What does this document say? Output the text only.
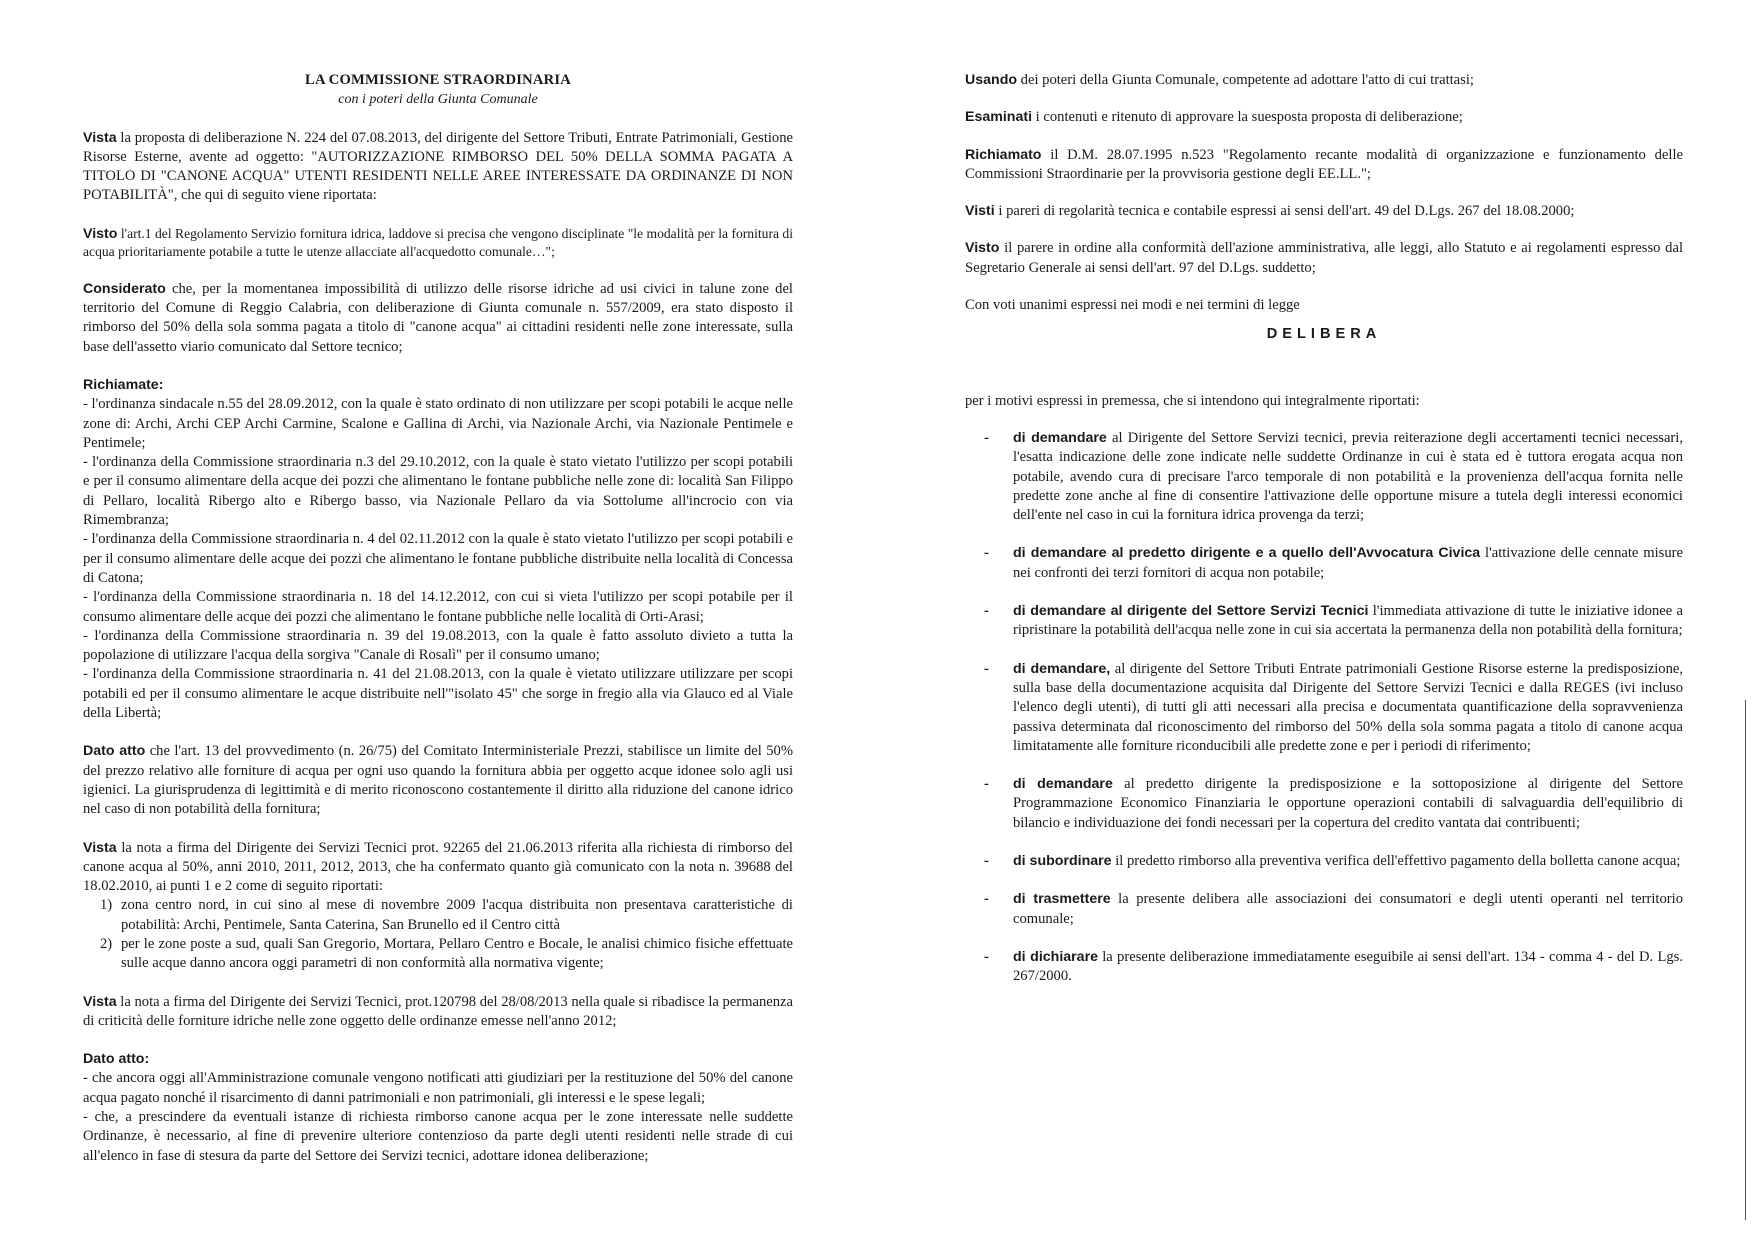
LA COMMISSIONE STRAORDINARIA

con i poteri della Giunta Comunale

Vista la proposta di deliberazione N. 224 del 07.08.2013, del dirigente del Settore Tributi, Entrate Patrimoniali, Gestione Risorse Esterne, avente ad oggetto: "AUTORIZZAZIONE RIMBORSO DEL 50% DELLA SOMMA PAGATA A TITOLO DI "CANONE ACQUA" UTENTI RESIDENTI NELLE AREE INTERESSATE DA ORDINANZE DI NON POTABILITÀ", che qui di seguito viene riportata:

Visto l'art.1 del Regolamento Servizio fornitura idrica, laddove si precisa che vengono disciplinate "le modalità per la fornitura di acqua prioritariamente potabile a tutte le utenze allacciate all'acquedotto comunale…";

Considerato che, per la momentanea impossibilità di utilizzo delle risorse idriche ad usi civici in talune zone del territorio del Comune di Reggio Calabria, con deliberazione di Giunta comunale n. 557/2009, era stato disposto il rimborso del 50% della sola somma pagata a titolo di "canone acqua" ai cittadini residenti nelle zone interessate, sulla base dell'assetto viario comunicato dal Settore tecnico;

Richiamate:

- l'ordinanza sindacale n.55 del 28.09.2012, con la quale è stato ordinato di non utilizzare per scopi potabili le acque nelle zone di: Archi, Archi CEP Archi Carmine, Scalone e Gallina di Archi, via Nazionale Archi, via Nazionale Pentimele e Pentimele;

- l'ordinanza della Commissione straordinaria n.3 del 29.10.2012, con la quale è stato vietato l'utilizzo per scopi potabili e per il consumo alimentare della acque dei pozzi che alimentano le fontane pubbliche nelle zone di: località San Filippo di Pellaro, località Ribergo alto e Ribergo basso, via Nazionale Pellaro da via Sottolume all'incrocio con via Rimembranza;

- l'ordinanza della Commissione straordinaria n. 4 del 02.11.2012 con la quale è stato vietato l'utilizzo per scopi potabili e per il consumo alimentare delle acque dei pozzi che alimentano le fontane pubbliche distribuite nella località di Concessa di Catona;

- l'ordinanza della Commissione straordinaria n. 18 del 14.12.2012, con cui si vieta l'utilizzo per scopi potabile per il consumo alimentare delle acque dei pozzi che alimentano le fontane pubbliche nelle località di Orti-Arasi;

- l'ordinanza della Commissione straordinaria n. 39 del 19.08.2013, con la quale è fatto assoluto divieto a tutta la popolazione di utilizzare l'acqua della sorgiva "Canale di Rosalì" per il consumo umano;

- l'ordinanza della Commissione straordinaria n. 41 del 21.08.2013, con la quale è vietato utilizzare utilizzare per scopi potabili ed per il consumo alimentare le acque distribuite nell'"isolato 45" che sorge in fregio alla via Glauco ed al Viale della Libertà;

Dato atto che l'art. 13 del provvedimento (n. 26/75) del Comitato Interministeriale Prezzi, stabilisce un limite del 50% del prezzo relativo alle forniture di acqua per ogni uso quando la fornitura abbia per oggetto acque idonee solo agli usi igienici. La giurisprudenza di legittimità e di merito riconoscono costantemente il diritto alla riduzione del canone idrico nel caso di non potabilità della fornitura;

Vista la nota a firma del Dirigente dei Servizi Tecnici prot. 92265 del 21.06.2013 riferita alla richiesta di rimborso del canone acqua al 50%, anni 2010, 2011, 2012, 2013, che ha confermato quanto già comunicato con la nota n. 39688 del 18.02.2010, ai punti 1 e 2 come di seguito riportati:

1) zona centro nord, in cui sino al mese di novembre 2009 l'acqua distribuita non presentava caratteristiche di potabilità: Archi, Pentimele, Santa Caterina, San Brunello ed il Centro città
2) per le zone poste a sud, quali San Gregorio, Mortara, Pellaro Centro e Bocale, le analisi chimico fisiche effettuate sulle acque danno ancora oggi parametri di non conformità alla normativa vigente;

Vista la nota a firma del Dirigente dei Servizi Tecnici, prot.120798 del 28/08/2013 nella quale si ribadisce la permanenza di criticità delle forniture idriche nelle zone oggetto delle ordinanze emesse nell'anno 2012;

Dato atto:

- che ancora oggi all'Amministrazione comunale vengono notificati atti giudiziari per la restituzione del 50% del canone acqua pagato nonché il risarcimento di danni patrimoniali e non patrimoniali, gli interessi e le spese legali;

- che, a prescindere da eventuali istanze di richiesta rimborso canone acqua per le zone interessate nelle suddette Ordinanze, è necessario, al fine di prevenire ulteriore contenzioso da parte degli utenti residenti nelle strade di cui all'elenco in fase di stesura da parte del Settore dei Servizi tecnici, adottare idonea deliberazione;

Usando dei poteri della Giunta Comunale, competente ad adottare l'atto di cui trattasi;

Esaminati i contenuti e ritenuto di approvare la suesposta proposta di deliberazione;

Richiamato il D.M. 28.07.1995 n.523 "Regolamento recante modalità di organizzazione e funzionamento delle Commissioni Straordinarie per la provvisoria gestione degli EE.LL.";

Visti i pareri di regolarità tecnica e contabile espressi ai sensi dell'art. 49 del D.Lgs. 267 del 18.08.2000;

Visto il parere in ordine alla conformità dell'azione amministrativa, alle leggi, allo Statuto e ai regolamenti espresso dal Segretario Generale ai sensi dell'art. 97 del D.Lgs. suddetto;

Con voti unanimi espressi nei modi e nei termini di legge

DELIBERA

per i motivi espressi in premessa, che si intendono qui integralmente riportati:

- di demandare al Dirigente del Settore Servizi tecnici, previa reiterazione degli accertamenti tecnici necessari, l'esatta indicazione delle zone indicate nelle suddette Ordinanze in cui è stata ed è tuttora erogata acqua non potabile, avendo cura di precisare l'arco temporale di non potabilità e la provenienza dell'acqua fornita nelle predette zone anche al fine di consentire l'attivazione delle opportune misure a tutela degli interessi economici dell'ente nel caso in cui la fornitura idrica provenga da terzi;
- di demandare al predetto dirigente e a quello dell'Avvocatura Civica l'attivazione delle cennate misure nei confronti dei terzi fornitori di acqua non potabile;
- di demandare al dirigente del Settore Servizi Tecnici l'immediata attivazione di tutte le iniziative idonee a ripristinare la potabilità dell'acqua nelle zone in cui sia accertata la permanenza della non potabilità della fornitura;
- di demandare, al dirigente del Settore Tributi Entrate patrimoniali Gestione Risorse esterne la predisposizione, sulla base della documentazione acquisita dal Dirigente del Settore Servizi Tecnici e dalla REGES (ivi incluso l'elenco degli utenti), di tutti gli atti necessari alla precisa e documentata quantificazione della sopravvenienza passiva determinata dal riconoscimento del rimborso del 50% della sola somma pagata a titolo di canone acqua limitatamente alle forniture riconducibili alle predette zone e per i periodi di riferimento;
- di demandare al predetto dirigente la predisposizione e la sottoposizione al dirigente del Settore Programmazione Economico Finanziaria le opportune operazioni contabili di salvaguardia dell'equilibrio di bilancio e individuazione dei fondi necessari per la copertura del credito vantata dai contribuenti;
- di subordinare il predetto rimborso alla preventiva verifica dell'effettivo pagamento della bolletta canone acqua;
- di trasmettere la presente delibera alle associazioni dei consumatori e degli utenti operanti nel territorio comunale;
- di dichiarare la presente deliberazione immediatamente eseguibile ai sensi dell'art. 134 - comma 4 - del D. Lgs. 267/2000.
